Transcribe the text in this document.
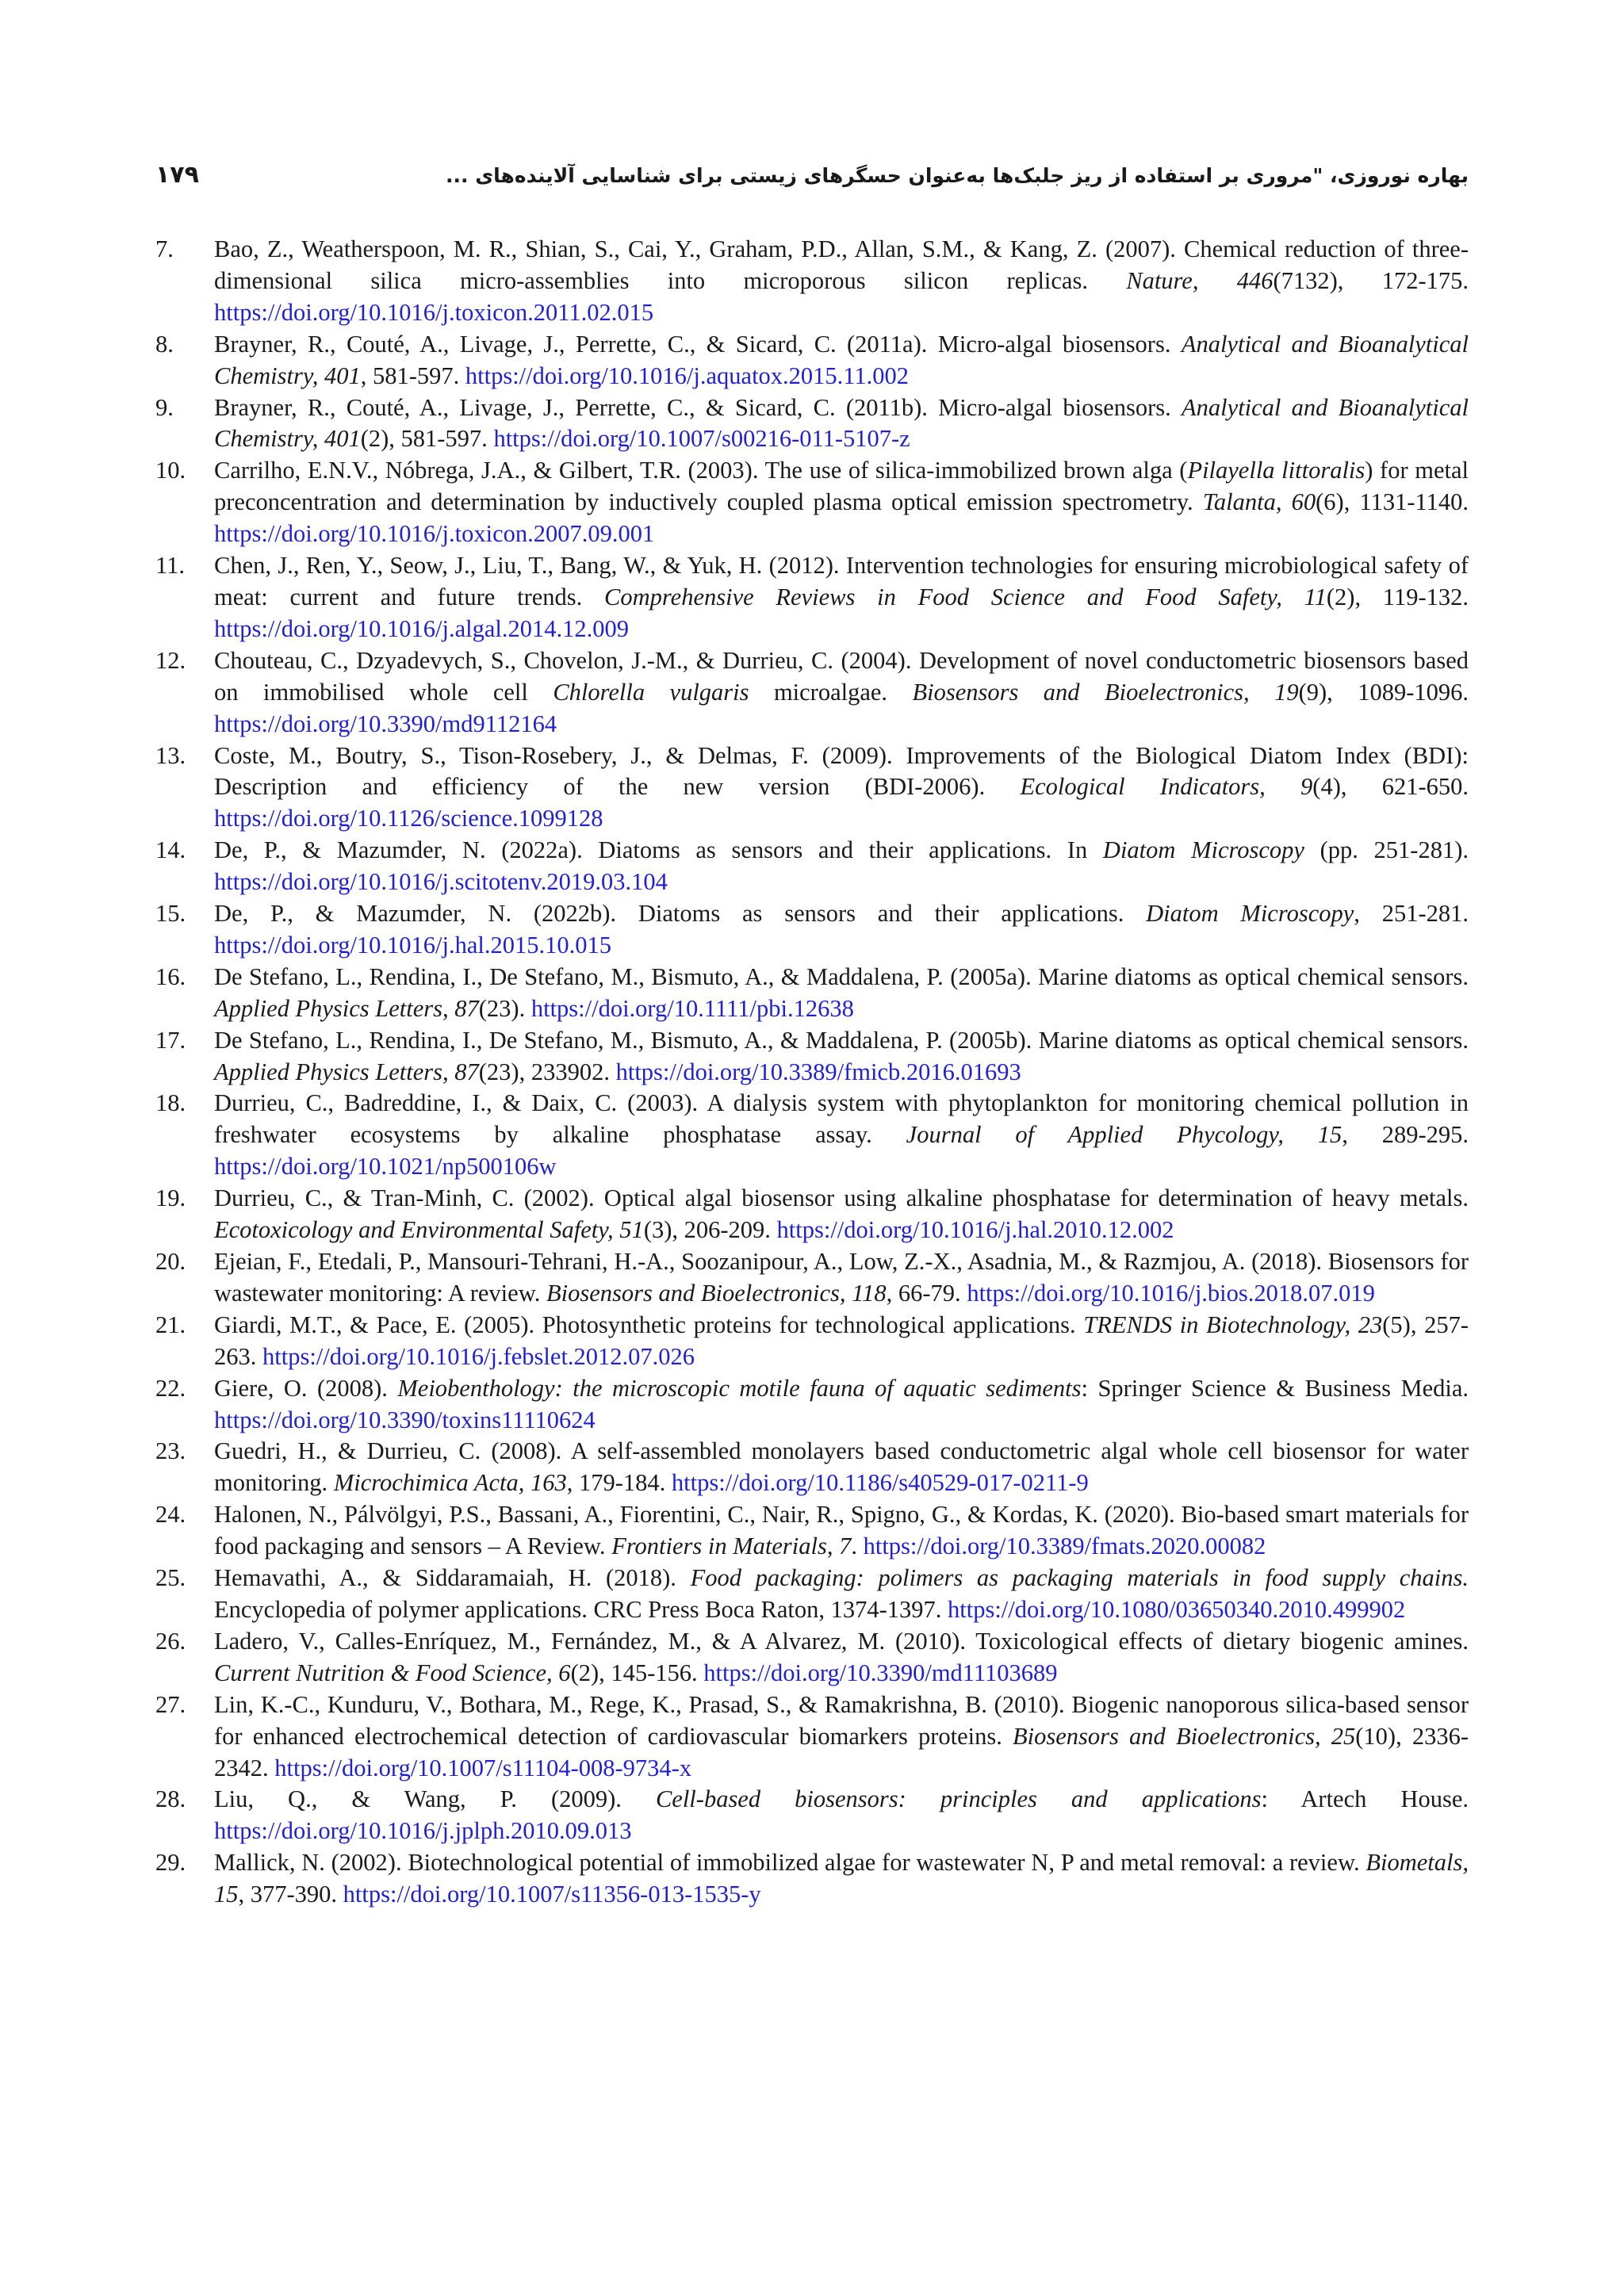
۱۷۹	بهاره نوروزی، "مروری بر استفاده از ریز جلبک‌ها به‌عنوان حسگرهای زیستی برای شناسایی آلاینده‌های ...
7. Bao, Z., Weatherspoon, M. R., Shian, S., Cai, Y., Graham, P.D., Allan, S.M., & Kang, Z. (2007). Chemical reduction of three-dimensional silica micro-assemblies into microporous silicon replicas. Nature, 446(7132), 172-175. https://doi.org/10.1016/j.toxicon.2011.02.015
8. Brayner, R., Couté, A., Livage, J., Perrette, C., & Sicard, C. (2011a). Micro-algal biosensors. Analytical and Bioanalytical Chemistry, 401, 581-597. https://doi.org/10.1016/j.aquatox.2015.11.002
9. Brayner, R., Couté, A., Livage, J., Perrette, C., & Sicard, C. (2011b). Micro-algal biosensors. Analytical and Bioanalytical Chemistry, 401(2), 581-597. https://doi.org/10.1007/s00216-011-5107-z
10. Carrilho, E.N.V., Nóbrega, J.A., & Gilbert, T.R. (2003). The use of silica-immobilized brown alga (Pilayella littoralis) for metal preconcentration and determination by inductively coupled plasma optical emission spectrometry. Talanta, 60(6), 1131-1140. https://doi.org/10.1016/j.toxicon.2007.09.001
11. Chen, J., Ren, Y., Seow, J., Liu, T., Bang, W., & Yuk, H. (2012). Intervention technologies for ensuring microbiological safety of meat: current and future trends. Comprehensive Reviews in Food Science and Food Safety, 11(2), 119-132. https://doi.org/10.1016/j.algal.2014.12.009
12. Chouteau, C., Dzyadevych, S., Chovelon, J.-M., & Durrieu, C. (2004). Development of novel conductometric biosensors based on immobilised whole cell Chlorella vulgaris microalgae. Biosensors and Bioelectronics, 19(9), 1089-1096. https://doi.org/10.3390/md9112164
13. Coste, M., Boutry, S., Tison-Rosebery, J., & Delmas, F. (2009). Improvements of the Biological Diatom Index (BDI): Description and efficiency of the new version (BDI-2006). Ecological Indicators, 9(4), 621-650. https://doi.org/10.1126/science.1099128
14. De, P., & Mazumder, N. (2022a). Diatoms as sensors and their applications. In Diatom Microscopy (pp. 251-281). https://doi.org/10.1016/j.scitotenv.2019.03.104
15. De, P., & Mazumder, N. (2022b). Diatoms as sensors and their applications. Diatom Microscopy, 251-281. https://doi.org/10.1016/j.hal.2015.10.015
16. De Stefano, L., Rendina, I., De Stefano, M., Bismuto, A., & Maddalena, P. (2005a). Marine diatoms as optical chemical sensors. Applied Physics Letters, 87(23). https://doi.org/10.1111/pbi.12638
17. De Stefano, L., Rendina, I., De Stefano, M., Bismuto, A., & Maddalena, P. (2005b). Marine diatoms as optical chemical sensors. Applied Physics Letters, 87(23), 233902. https://doi.org/10.3389/fmicb.2016.01693
18. Durrieu, C., Badreddine, I., & Daix, C. (2003). A dialysis system with phytoplankton for monitoring chemical pollution in freshwater ecosystems by alkaline phosphatase assay. Journal of Applied Phycology, 15, 289-295. https://doi.org/10.1021/np500106w
19. Durrieu, C., & Tran-Minh, C. (2002). Optical algal biosensor using alkaline phosphatase for determination of heavy metals. Ecotoxicology and Environmental Safety, 51(3), 206-209. https://doi.org/10.1016/j.hal.2010.12.002
20. Ejeian, F., Etedali, P., Mansouri-Tehrani, H.-A., Soozanipour, A., Low, Z.-X., Asadnia, M., & Razmjou, A. (2018). Biosensors for wastewater monitoring: A review. Biosensors and Bioelectronics, 118, 66-79. https://doi.org/10.1016/j.bios.2018.07.019
21. Giardi, M.T., & Pace, E. (2005). Photosynthetic proteins for technological applications. TRENDS in Biotechnology, 23(5), 257-263. https://doi.org/10.1016/j.febslet.2012.07.026
22. Giere, O. (2008). Meiobenthology: the microscopic motile fauna of aquatic sediments: Springer Science & Business Media. https://doi.org/10.3390/toxins11110624
23. Guedri, H., & Durrieu, C. (2008). A self-assembled monolayers based conductometric algal whole cell biosensor for water monitoring. Microchimica Acta, 163, 179-184. https://doi.org/10.1186/s40529-017-0211-9
24. Halonen, N., Pálvölgyi, P.S., Bassani, A., Fiorentini, C., Nair, R., Spigno, G., & Kordas, K. (2020). Bio-based smart materials for food packaging and sensors – A Review. Frontiers in Materials, 7. https://doi.org/10.3389/fmats.2020.00082
25. Hemavathi, A., & Siddaramaiah, H. (2018). Food packaging: polimers as packaging materials in food supply chains. Encyclopedia of polymer applications. CRC Press Boca Raton, 1374-1397. https://doi.org/10.1080/03650340.2010.499902
26. Ladero, V., Calles-Enríquez, M., Fernández, M., & A Alvarez, M. (2010). Toxicological effects of dietary biogenic amines. Current Nutrition & Food Science, 6(2), 145-156. https://doi.org/10.3390/md11103689
27. Lin, K.-C., Kunduru, V., Bothara, M., Rege, K., Prasad, S., & Ramakrishna, B. (2010). Biogenic nanoporous silica-based sensor for enhanced electrochemical detection of cardiovascular biomarkers proteins. Biosensors and Bioelectronics, 25(10), 2336-2342. https://doi.org/10.1007/s11104-008-9734-x
28. Liu, Q., & Wang, P. (2009). Cell-based biosensors: principles and applications: Artech House. https://doi.org/10.1016/j.jplph.2010.09.013
29. Mallick, N. (2002). Biotechnological potential of immobilized algae for wastewater N, P and metal removal: a review. Biometals, 15, 377-390. https://doi.org/10.1007/s11356-013-1535-y
